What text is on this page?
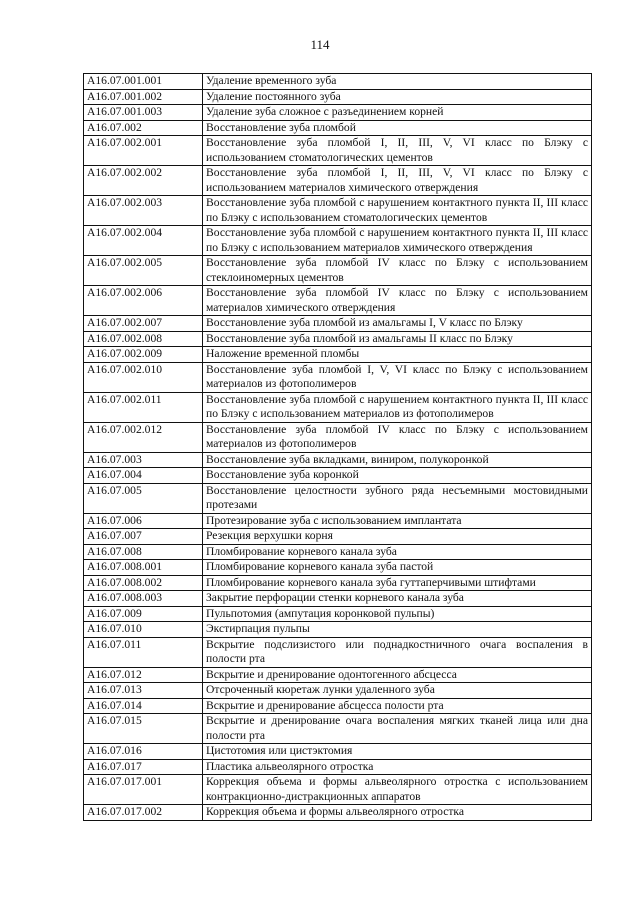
114
A16.07.001.001	Удаление временного зуба
A16.07.001.002	Удаление постоянного зуба
A16.07.001.003	Удаление зуба сложное с разъединением корней
A16.07.002	Восстановление зуба пломбой
A16.07.002.001	Восстановление зуба пломбой I, II, III, V, VI класс по Блэку с использованием стоматологических цементов
A16.07.002.002	Восстановление зуба пломбой I, II, III, V, VI класс по Блэку с использованием материалов химического отверждения
A16.07.002.003	Восстановление зуба пломбой с нарушением контактного пункта II, III класс по Блэку с использованием стоматологических цементов
A16.07.002.004	Восстановление зуба пломбой с нарушением контактного пункта II, III класс по Блэку с использованием материалов химического отверждения
A16.07.002.005	Восстановление зуба пломбой IV класс по Блэку с использованием стеклоиномерных цементов
A16.07.002.006	Восстановление зуба пломбой IV класс по Блэку с использованием материалов химического отверждения
A16.07.002.007	Восстановление зуба пломбой из амальгамы I, V класс по Блэку
A16.07.002.008	Восстановление зуба пломбой из амальгамы II класс по Блэку
A16.07.002.009	Наложение временной пломбы
A16.07.002.010	Восстановление зуба пломбой I, V, VI класс по Блэку с использованием материалов из фотополимеров
A16.07.002.011	Восстановление зуба пломбой с нарушением контактного пункта II, III класс по Блэку с использованием материалов из фотополимеров
A16.07.002.012	Восстановление зуба пломбой IV класс по Блэку с использованием материалов из фотополимеров
A16.07.003	Восстановление зуба вкладками, виниром, полукоронкой
A16.07.004	Восстановление зуба коронкой
A16.07.005	Восстановление целостности зубного ряда несъемными мостовидными протезами
A16.07.006	Протезирование зуба с использованием имплантата
A16.07.007	Резекция верхушки корня
A16.07.008	Пломбирование корневого канала зуба
A16.07.008.001	Пломбирование корневого канала зуба пастой
A16.07.008.002	Пломбирование корневого канала зуба гуттаперчивыми штифтами
A16.07.008.003	Закрытие перфорации стенки корневого канала зуба
A16.07.009	Пульпотомия (ампутация коронковой пульпы)
A16.07.010	Экстирпация пульпы
A16.07.011	Вскрытие подслизистого или поднадкостничного очага воспаления в полости рта
A16.07.012	Вскрытие и дренирование одонтогенного абсцесса
A16.07.013	Отсроченный кюретаж лунки удаленного зуба
A16.07.014	Вскрытие и дренирование абсцесса полости рта
A16.07.015	Вскрытие и дренирование очага воспаления мягких тканей лица или дна полости рта
A16.07.016	Цистотомия или цистэктомия
A16.07.017	Пластика альвеолярного отростка
A16.07.017.001	Коррекция объема и формы альвеолярного отростка с использованием контракционно-дистракционных аппаратов
A16.07.017.002	Коррекция объема и формы альвеолярного отростка
